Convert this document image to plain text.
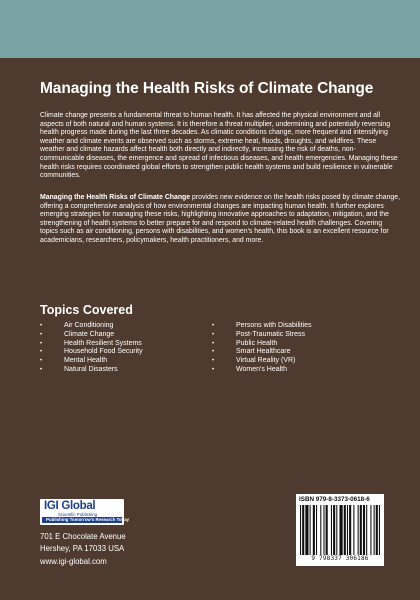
Managing the Health Risks of Climate Change

Climate change presents a fundamental threat to human health. It has affected the physical environment and all aspects of both natural and human systems. It is therefore a threat multiplier, undermining and potentially reversing health progress made during the last three decades. As climatic conditions change, more frequent and intensifying weather and climate events are observed such as storms, extreme heat, floods, droughts, and wildfires. These weather and climate hazards affect health both directly and indirectly, increasing the risk of deaths, non-communicable diseases, the emergence and spread of infectious diseases, and health emergencies. Managing these health risks requires coordinated global efforts to strengthen public health systems and build resilience in vulnerable communities.

Managing the Health Risks of Climate Change provides new evidence on the health risks posed by climate change, offering a comprehensive analysis of how environmental changes are impacting human health. It further explores emerging strategies for managing these risks, highlighting innovative approaches to adaptation, mitigation, and the strengthening of health systems to better prepare for and respond to climate-related health challenges. Covering topics such as air conditioning, persons with disabilities, and women's health, this book is an excellent resource for academicians, researchers, policymakers, health practitioners, and more.

Topics Covered
• Air Conditioning
• Climate Change
• Health Resilient Systems
• Household Food Security
• Mental Health
• Natural Disasters
• Persons with Disabilities
• Post-Traumatic Stress
• Public Health
• Smart Healthcare
• Virtual Reality (VR)
• Women's Health
IGI Global
Scientific Publishing
Publishing Tomorrow's Research Today
701 E Chocolate Avenue
Hershey, PA 17033 USA
www.igi-global.com
ISBN 979-8-3373-0618-6
9 798337 306186
